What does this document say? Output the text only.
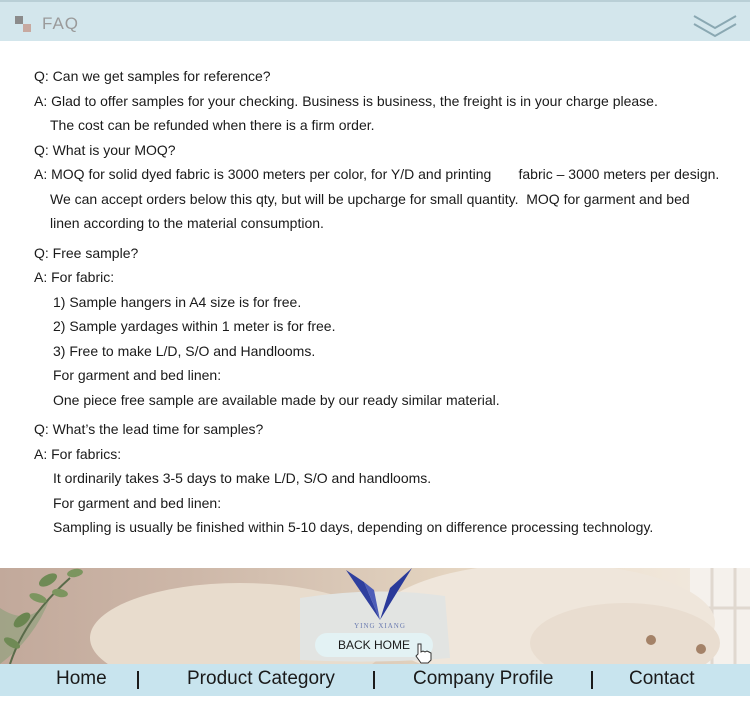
FAQ
Q: Can we get samples for reference?
A: Glad to offer samples for your checking. Business is business, the freight is in your charge please.
The cost can be refunded when there is a firm order.
Q: What is your MOQ?
A: MOQ for solid dyed fabric is 3000 meters per color, for Y/D and printing       fabric – 3000 meters per design.
We can accept orders below this qty, but will be upcharge for small quantity.  MOQ for garment and bed
linen according to the material consumption.
Q: Free sample?
A: For fabric:
1) Sample hangers in A4 size is for free.
2) Sample yardages within 1 meter is for free.
3) Free to make L/D, S/O and Handlooms.
For garment and bed linen:
One piece free sample are available made by our ready similar material.
Q: What’s the lead time for samples?
A: For fabrics:
It ordinarily takes 3-5 days to make L/D, S/O and handlooms.
For garment and bed linen:
Sampling is usually be finished within 5-10 days, depending on difference processing technology.
YING XIANG
BACK HOME
Home	Product Category	Company Profile	Contact
